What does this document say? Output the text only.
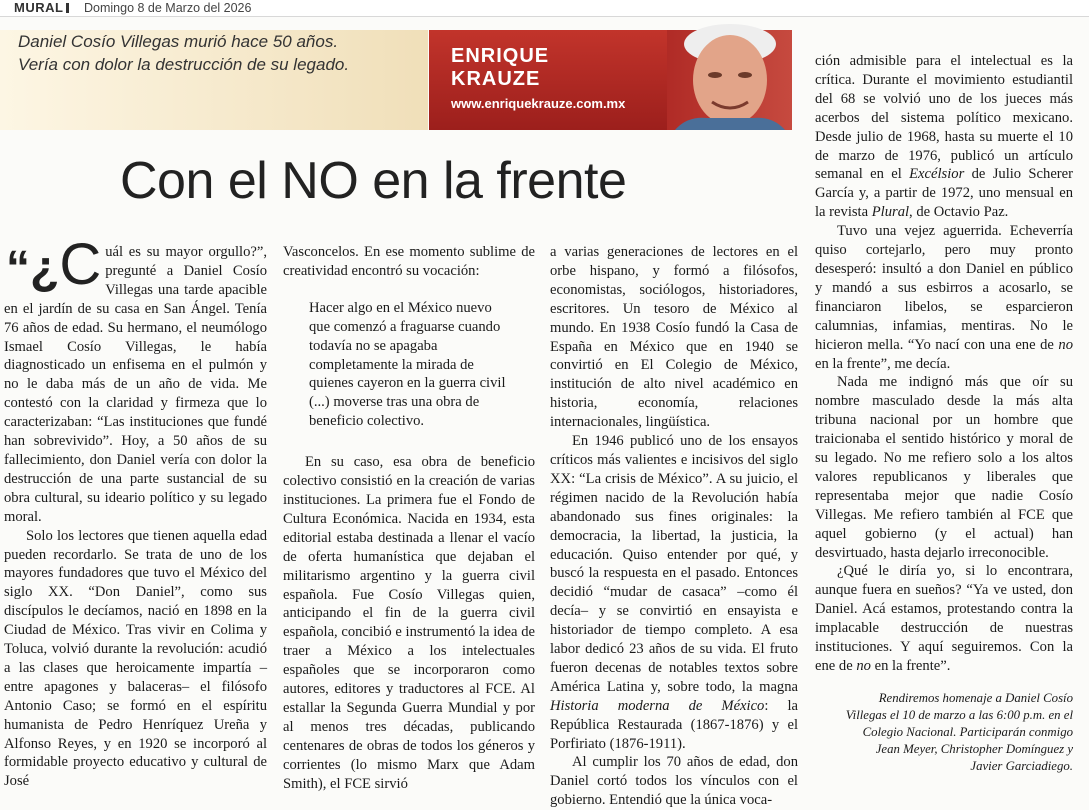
MURAL Domingo 8 de Marzo del 2026
Daniel Cosío Villegas murió hace 50 años.
Vería con dolor la destrucción de su legado.	ENRIQUE
KRAUZE
www.enriquekrauze.com.mx
Con el NO en la frente

“¿C uál es su mayor orgullo?”, pregunté a Daniel Cosío Villegas una tarde apacible en el jardín de su casa en San Ángel. Tenía 76 años de edad. Su hermano, el neumólogo Ismael Cosío Villegas, le había diagnosticado un enfisema en el pulmón y no le daba más de un año de vida. Me contestó con la claridad y firmeza que lo caracterizaban: “Las instituciones que fundé han sobrevivido”. Hoy, a 50 años de su fallecimiento, don Daniel vería con dolor la destrucción de una parte sustancial de su obra cultural, su ideario político y su legado moral.

Solo los lectores que tienen aquella edad pueden recordarlo. Se trata de uno de los mayores fundadores que tuvo el México del siglo XX. “Don Daniel”, como sus discípulos le decíamos, nació en 1898 en la Ciudad de México. Tras vivir en Colima y Toluca, volvió durante la revolución: acudió a las clases que heroicamente impartía –entre apagones y balaceras– el filósofo Antonio Caso; se formó en el espíritu humanista de Pedro Henríquez Ureña y Alfonso Reyes, y en 1920 se incorporó al formidable proyecto educativo y cultural de José

Vasconcelos. En ese momento sublime de creatividad encontró su vocación:

Hacer algo en el México nuevo que comenzó a fraguarse cuando todavía no se apagaba completamente la mirada de quienes cayeron en la guerra civil (...) moverse tras una obra de beneficio colectivo.

En su caso, esa obra de beneficio colectivo consistió en la creación de varias instituciones. La primera fue el Fondo de Cultura Económica. Nacida en 1934, esta editorial estaba destinada a llenar el vacío de oferta humanística que dejaban el militarismo argentino y la guerra civil española. Fue Cosío Villegas quien, anticipando el fin de la guerra civil española, concibió e instrumentó la idea de traer a México a los intelectuales españoles que se incorporaron como autores, editores y traductores al FCE. Al estallar la Segunda Guerra Mundial y por al menos tres décadas, publicando centenares de obras de todos los géneros y corrientes (lo mismo Marx que Adam Smith), el FCE sirvió

a varias generaciones de lectores en el orbe hispano, y formó a filósofos, economistas, sociólogos, historiadores, escritores. Un tesoro de México al mundo. En 1938 Cosío fundó la Casa de España en México que en 1940 se convirtió en El Colegio de México, institución de alto nivel académico en historia, economía, relaciones internacionales, lingüística.

En 1946 publicó uno de los ensayos críticos más valientes e incisivos del siglo XX: “La crisis de México”. A su juicio, el régimen nacido de la Revolución había abandonado sus fines originales: la democracia, la libertad, la justicia, la educación. Quiso entender por qué, y buscó la respuesta en el pasado. Entonces decidió “mudar de casaca” –como él decía– y se convirtió en ensayista e historiador de tiempo completo. A esa labor dedicó 23 años de su vida. El fruto fueron decenas de notables textos sobre América Latina y, sobre todo, la magna Historia moderna de México: la República Restaurada (1867-1876) y el Porfiriato (1876-1911).

Al cumplir los 70 años de edad, don Daniel cortó todos los vínculos con el gobierno. Entendió que la única voca-

ción admisible para el intelectual es la crítica. Durante el movimiento estudiantil del 68 se volvió uno de los jueces más acerbos del sistema político mexicano. Desde julio de 1968, hasta su muerte el 10 de marzo de 1976, publicó un artículo semanal en el Excélsior de Julio Scherer García y, a partir de 1972, uno mensual en la revista Plural, de Octavio Paz.

Tuvo una vejez aguerrida. Echeverría quiso cortejarlo, pero muy pronto desesperó: insultó a don Daniel en público y mandó a sus esbirros a acosarlo, se financiaron libelos, se esparcieron calumnias, infamias, mentiras. No le hicieron mella. “Yo nací con una ene de no en la frente”, me decía.

Nada me indignó más que oír su nombre masculado desde la más alta tribuna nacional por un hombre que traicionaba el sentido histórico y moral de su legado. No me refiero solo a los altos valores republicanos y liberales que representaba mejor que nadie Cosío Villegas. Me refiero también al FCE que aquel gobierno (y el actual) han desvirtuado, hasta dejarlo irreconocible.

¿Qué le diría yo, si lo encontrara, aunque fuera en sueños? “Ya ve usted, don Daniel. Acá estamos, protestando contra la implacable destrucción de nuestras instituciones. Y aquí seguiremos. Con la ene de no en la frente”.

Rendiremos homenaje a Daniel Cosío Villegas el 10 de marzo a las 6:00 p.m. en el Colegio Nacional. Participarán conmigo Jean Meyer, Christopher Domínguez y Javier Garciadiego.
